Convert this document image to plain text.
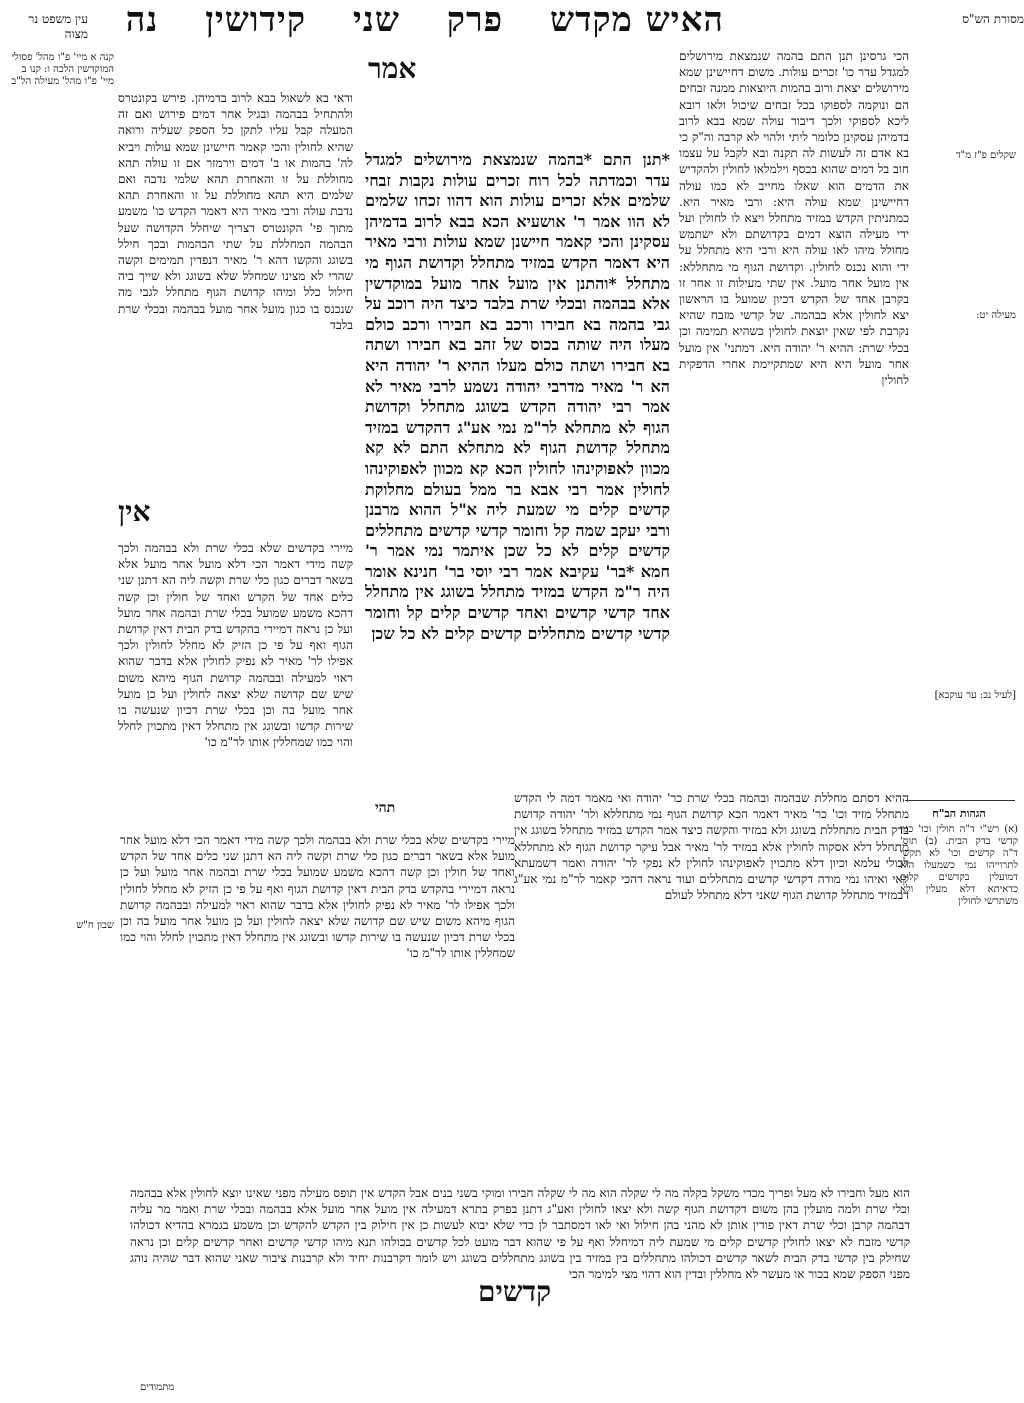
מסורת הש"ס
האיש מקדש פרק שני קידושין נה
עין משפט נר מצוה
שקלים פ"ז מ"ד
מעילה יט:
[לעיל נב: ער עוקבא]
קנה א מיי' פ"ו מהל' פסולי המוקדשין הלכה ו: קנו ב מיי' פ"ו מהל' מעילה הל"ב
שבון ח"ש
הכי גרסינן תנן התם בהמה שנמצאת מירושלים למגדל עדר כו' זכרים עולות. משום דחיישינן שמא מירושלים יצאת ורוב בהמות היוצאות ממנה זבחים הם ונוקמה לספוקו בכל זבחים שיכול ולאו רובא ליכא לספוקי ולכך דיבור עולה שמא בבא לרוב בדמיהן עסקינן כלומר ליתי ולהוי לא קרבה וה"ק כי בא אדם זה לעשות לה תקנה ובא לקבל על עצמו חוב בל דמים שהוא בכסף וילמלאו לחולין ולהקדיש את הדמים הוא שאלו מחייב לא כמו עולה דחיישינן שמא עולה היא: ורבי מאיר היא. כמתניתין הקדש במזיד מתחלל ויצא לו לחולין ועל ידי מעילה הוצא דמים בקדושתם ולא ישתמש מחולל מיהו לאו עולה היא ורבי היא מתחלל על ידי והוא נכנס לחולין. וקדושת הגוף מי מתחללא: אין מועל אחר מועל. אין שתי מעילות זו אחר זו בקרבן אחד של הקדש דכיון שמועל בו הראשון יצא לחולין אלא בבהמה. של קדשי מזבח שהיא נקרבת לפי שאין יוצאת לחולין כשהיא תמימה וכן בכלי שרת: ההיא ר' יהודה היא. דמתני' אין מועל אחר מועל היא היא שמתקיימת אחרי הדפקית לחולין
אמר
ודאי בא לשאול בבא לרוב בדמיהן. פירש בקונטרס ולהתחיל בבהמה ובגיל אחר דמים פירוש ואם זה המעלה קבל עליו לתקן כל הספק שעליה ורואה שהיא לחולין והכי קאמר חיישינן שמא עולות ויביא לה' בהמות או ב' דמים וירמזר אם זו עולה תהא מחוללת על זו והאחרת תהא שלמי נדבה ואם שלמים היא תהא מחוללת על זו והאחרת תהא נדבת עולה ורבי מאיר היא דאמר הקדש כו' משמע מתוך פי' הקונטרס דצריך שיחלל הקדושה שעל הבהמה המחללת על שתי הבהמות ובכך חילל בשוגג והקשו דהא ר' מאיר דנפדין תמימים וקשה שהרי לא מצינו שמחלל שלא בשוגג ולא שייך ביה חילול כלל ומיהו קדושת הגוף מתחלל לגבי מה שנכנס בו כגון מועל אחר מועל בבהמה ובכלי שרת בלבד
אין
*תנן התם *בהמה שנמצאת מירושלים למגדל עדר וכמדתה לכל רוח זכרים עולות נקבות זבחי שלמים אלא זכרים עולות הוא דהוו זכחו שלמים לא הוו אמר ר' אושעיא הכא בבא לרוב בדמיהן עסקינן והכי קאמר חיישנן שמא עולות ורבי מאיר היא דאמר הקדש במזיד מתחלל וקדושת הגוף מי מתחלל *והתנן אין מועל אחר מועל במוקדשין אלא בבהמה ובכלי שרת בלבד כיצד היה רוכב על גבי בהמה בא חבירו ורכב בא חבירו ורכב כולם מעלו היה שותה בכוס של זהב בא חבירו ושתה בא חבירו ושתה כולם מעלו ההיא ר' יהודה היא הא ר' מאיר מדרבי יהודה נשמע לרבי מאיר לא אמר רבי יהודה הקדש בשוגג מתחלל וקדושת הגוף לא מתחלא לר"מ נמי אע"ג דהקדש במזיד מתחלל קדושת הגוף לא מתחלא התם לא קא מכוון לאפוקינהו לחולין הכא קא מכוון לאפוקינהו לחולין אמר רבי אבא בר ממל בעולם מחלוקת קדשים קלים מי שמעת ליה א"ל ההוא מרבנן ורבי יעקב שמה קל וחומר קדשי קדשים מתחללים קדשים קלים לא כל שכן איתמר נמי אמר ר' חמא *בר' עקיבא אמר רבי יוסי בר' חנינא אומר היה ר"מ הקדש במזיד מתחלל בשוגג אין מתחלל אחד קדשי קדשים ואחד קדשים קלים קל וחומר קדשי קדשים מתחללים קדשים קלים לא כל שכן
תהי
ההיא דסתם מחללת שבהמה ובהמה בכלי שרת כר' יהודה ואי מאמר דמה לי הקדש מתחלל מזיד וכו' כר' מאיר דאמר הכא קדושת הגוף נמי מתחללא ולר' יהודה קדושת בדק הבית מתחללת בשוגג ולא במזיד והקשה כיצד אמר הקדש במזיד מתחלל בשוגג אין מתחלל דלא אסקוה לחולין אלא במזיד לר' מאיר אבל עיקר קדושת הגוף לא מתחללא לכולי עלמא וכיון דלא מתכוין לאפוקינהו לחולין לא נפקי לר' יהודה ואמר דשמעתא קאי ואיהו נמי מודה דקדשי קדשים מתחללים ועוד נראה דהכי קאמר לר"מ נמי אע"ג דבמזיד מתחלל קדושת הגוף שאני דלא מתחלל לעולם
מיירי בקדשים שלא בכלי שרת ולא בבהמה ולכך קשה מידי דאמר הכי דלא מועל אחר מועל אלא בשאר דברים כגון כלי שרת וקשה ליה הא דתנן שני כלים אחד של הקדש ואחד של חולין וכן קשה דהכא משמע שמועל בכלי שרת ובהמה אחר מועל ועל כן נראה דמיירי בהקדש בדק הבית דאין קדושת הגוף ואף על פי כן הזיק לא מחלל לחולין ולכך אפילו לר' מאיר לא נפיק לחולין אלא בדבר שהוא ראוי למעילה ובבהמה קדושת הגוף מיהא משום שיש שם קדושה שלא יצאה לחולין ועל כן מועל אחר מועל בה וכן בכלי שרת דכיון שנעשה בו שירות קדשו ובשוגג אין מתחלל דאין מתכוין לחלל והוי כמו שמחללין אותו לר"מ כו'
הגהות הב"ח
(א) רש"י ד"ה חולין וכו' כגון קדשי בדק הבית. (ב) תוס' ד"ה קדשים וכו' לא תקשי לתרוייהו נמי כשמעלו הוא דמועלין בקדשים קלים כדאיתא דלא מעלין ולא משתרשי לחולין
מיירי בקדשים שלא בכלי שרת ולא בבהמה ולכך קשה מידי דאמר הכי דלא מועל אחר מועל אלא בשאר דברים כגון כלי שרת וקשה ליה הא דתנן שני כלים אחד של הקדש ואחד של חולין וכן קשה דהכא משמע שמועל בכלי שרת ובהמה אחר מועל ועל כן נראה דמיירי בהקדש בדק הבית דאין קדושת הגוף ואף על פי כן הזיק לא מחלל לחולין ולכך אפילו לר' מאיר לא נפיק לחולין אלא בדבר שהוא ראוי למעילה ובבהמה קדושת הגוף מיהא משום שיש שם קדושה שלא יצאה לחולין ועל כן מועל אחר מועל בה וכן בכלי שרת דכיון שנעשה בו שירות קדשו ובשוגג אין מתחלל דאין מתכוין לחלל והוי כמו שמחללין אותו לר"מ כו'
הוא מעל וחבירו לא מעל ופריך מכדי משקל בקלה מה לי שקלה הוא מה לי שקלה חבירו ומוקי בשני בנים אבל הקדש אין תופס מעילה מפני שאינו יוצא לחולין אלא בבהמה וכלי שרת ולמה מועלין בהן משום דקדושת הגוף קשה ולא יצאו לחולין ואע"ג דתנן בפרק בתרא דמעילה אין מועל אחר מועל אלא בבהמה ובכלי שרת ואמר מר עליה דבהמה קרבן וכלי שרת דאין פודין אותן לא מהני בהן חילול ואי לאו דמסתבר לן כדי שלא יבוא לעשות כן אין חילוק בין הקדש להקדש וכן משמע בגמרא בהדיא דכולהו קדשי מזבח לא יצאו לחולין קדשים קלים מי שמעת ליה דמיחלל ואף על פי שהוא דבר מועט לכל קדשים בכולהו תנא מיהו קדשי קדשים ואחר קדשים קלים וכן נראה שחילק בין קדשי בדק הבית לשאר קדשים דכולהו מתחללים בין במזיד בין בשוגג מתחללים בשוגג ויש לומר דקרבנות יחיד ולא קרבנות ציבור שאני שהוא דבר שהיה נוהג מפני הספק שמא בכור או מעשר לא מחללין ובדין הוא דהוי מצי למימר הכי
קדשים
מתמודים
